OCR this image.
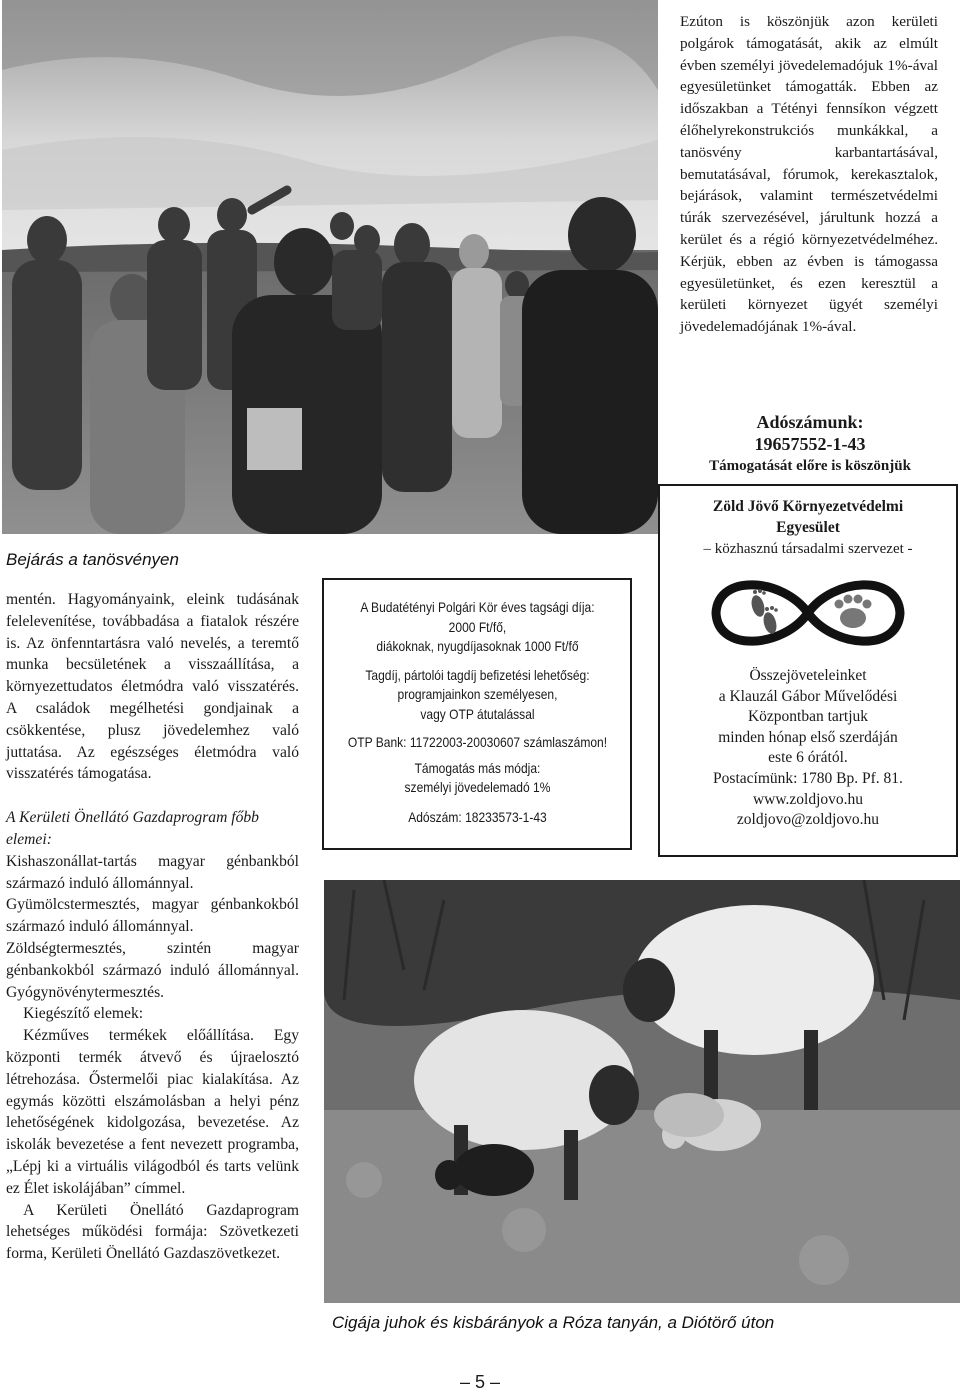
Bejárás a tanösvényen

mentén. Hagyományaink, eleink tudásának felelevenítése, továbbadása a fiatalok részére is. Az önfenntartásra való nevelés, a teremtő munka becsületének a visszaállítása, a környezettudatos életmódra való visszatérés. A családok megélhetési gondjainak a csökkentése, plusz jövedelemhez való juttatása. Az egészséges életmódra való visszatérés támogatása.

A Kerületi Önellátó Gazdaprogram főbb elemei:

Kishaszonállat-tartás magyar génbankból származó induló állománnyal.

Gyümölcstermesztés, magyar génbankokból származó induló állománnyal.

Zöldségtermesztés, szintén magyar génbankokból származó induló állománnyal. Gyógynövénytermesztés.

Kiegészítő elemek:

Kézműves termékek előállítása. Egy központi termék átvevő és újraelosztó létrehozása. Őstermelői piac kialakítása. Az egymás közötti elszámolásban a helyi pénz lehetőségének kidolgozása, bevezetése. Az iskolák bevezetése a fent nevezett programba, „Lépj ki a virtuális világodból és tarts velünk ez Élet iskolájában” címmel.

A Kerületi Önellátó Gazdaprogram lehetséges működési formája: Szövetkezeti forma, Kerületi Önellátó Gazdaszövetkezet.

A Budatétényi Polgári Kör éves tagsági díja:

2000 Ft/fő,

diákoknak, nyugdíjasoknak 1000 Ft/fő

Tagdíj, pártolói tagdíj befizetési lehetőség:

programjainkon személyesen,

vagy OTP átutalással

OTP Bank: 11722003-20030607 számlaszámon!

Támogatás más módja:

személyi jövedelemadó 1%

Adószám: 18233573-1-43

Ezúton is köszönjük azon kerületi polgárok támogatását, akik az elmúlt évben személyi jövedelemadójuk 1%-ával egyesületünket támogatták. Ebben az időszakban a Tétényi fennsíkon végzett élőhelyrekonstrukciós munkákkal, a tanösvény karbantartásával, bemutatásával, fórumok, kerekasztalok, bejárások, valamint természetvédelmi túrák szervezésével, járultunk hozzá a kerület és a régió környezetvédelméhez. Kérjük, ebben az évben is támogassa egyesületünket, és ezen keresztül a kerületi környezet ügyét személyi jövedelemadójának 1%-ával.

Adószámunk:
19657552-1-43
Támogatását előre is köszönjük
Zöld Jövő Környezetvédelmi
Egyesület
– közhasznú társadalmi szervezet -
Összejöveteleinket
a Klauzál Gábor Művelődési
Központban tartjuk
minden hónap első szerdáján
este 6 órától.
Postacímünk: 1780 Bp. Pf. 81.
www.zoldjovo.hu
zoldjovo@zoldjovo.hu
Cigája juhok és kisbárányok a Róza tanyán, a Diótörő úton
– 5 –
